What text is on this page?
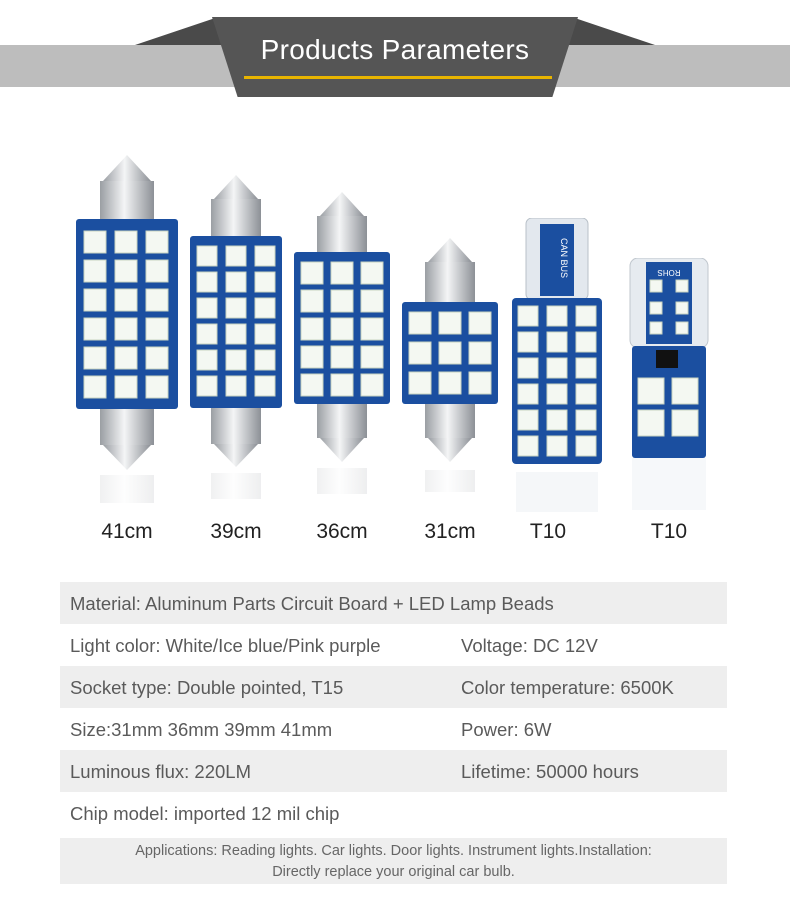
Products Parameters
CAN BUS	ROHS
41cm	39cm	36cm	31cm	T10	T10
Material: Aluminum Parts Circuit Board + LED Lamp Beads
Light color: White/Ice blue/Pink purple	Voltage: DC 12V
Socket type: Double pointed, T15	Color temperature: 6500K
Size:31mm 36mm 39mm 41mm	Power: 6W
Luminous flux: 220LM	Lifetime: 50000 hours
Chip model: imported 12 mil chip
Applications: Reading lights. Car lights. Door lights. Instrument lights.Installation:
Directly replace your original car bulb.
